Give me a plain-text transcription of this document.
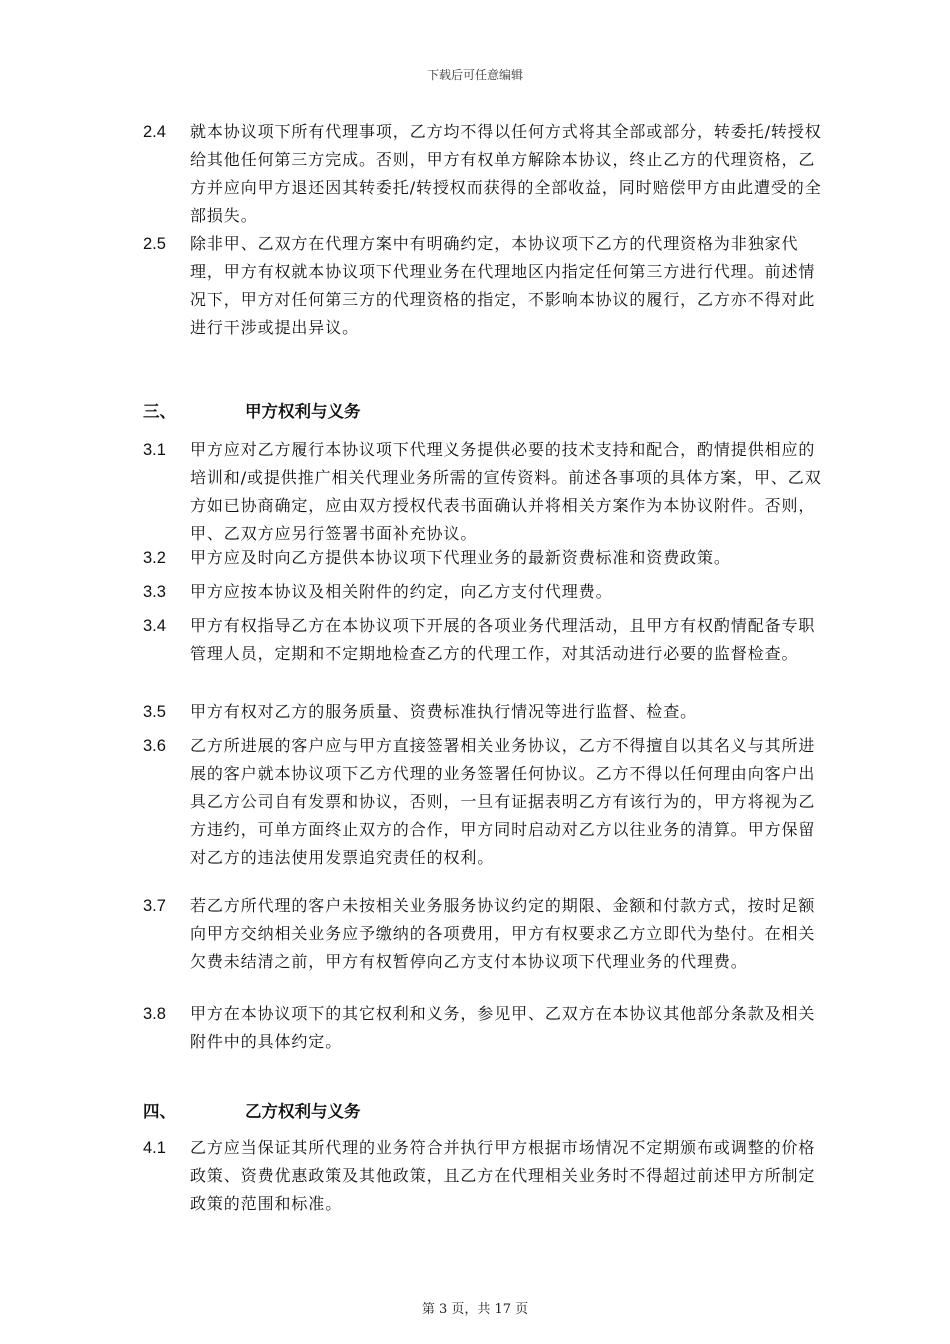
下载后可任意编辑
2.4 就本协议项下所有代理事项，乙方均不得以任何方式将其全部或部分，转委托/转授权给其他任何第三方完成。否则，甲方有权单方解除本协议，终止乙方的代理资格，乙方并应向甲方退还因其转委托/转授权而获得的全部收益，同时赔偿甲方由此遭受的全部损失。
2.5 除非甲、乙双方在代理方案中有明确约定，本协议项下乙方的代理资格为非独家代理，甲方有权就本协议项下代理业务在代理地区内指定任何第三方进行代理。前述情况下，甲方对任何第三方的代理资格的指定，不影响本协议的履行，乙方亦不得对此进行干涉或提出异议。
三、	甲方权利与义务
3.1 甲方应对乙方履行本协议项下代理义务提供必要的技术支持和配合，酌情提供相应的培训和/或提供推广相关代理业务所需的宣传资料。前述各事项的具体方案，甲、乙双方如已协商确定，应由双方授权代表书面确认并将相关方案作为本协议附件。否则，甲、乙双方应另行签署书面补充协议。
3.2 甲方应及时向乙方提供本协议项下代理业务的最新资费标准和资费政策。
3.3 甲方应按本协议及相关附件的约定，向乙方支付代理费。
3.4 甲方有权指导乙方在本协议项下开展的各项业务代理活动，且甲方有权酌情配备专职管理人员，定期和不定期地检查乙方的代理工作，对其活动进行必要的监督检查。
3.5 甲方有权对乙方的服务质量、资费标准执行情况等进行监督、检查。
3.6 乙方所进展的客户应与甲方直接签署相关业务协议，乙方不得擅自以其名义与其所进展的客户就本协议项下乙方代理的业务签署任何协议。乙方不得以任何理由向客户出具乙方公司自有发票和协议，否则，一旦有证据表明乙方有该行为的，甲方将视为乙方违约，可单方面终止双方的合作，甲方同时启动对乙方以往业务的清算。甲方保留对乙方的违法使用发票追究责任的权利。
3.7 若乙方所代理的客户未按相关业务服务协议约定的期限、金额和付款方式，按时足额向甲方交纳相关业务应予缴纳的各项费用，甲方有权要求乙方立即代为垫付。在相关欠费未结清之前，甲方有权暂停向乙方支付本协议项下代理业务的代理费。
3.8 甲方在本协议项下的其它权利和义务，参见甲、乙双方在本协议其他部分条款及相关附件中的具体约定。
四、	乙方权利与义务
4.1 乙方应当保证其所代理的业务符合并执行甲方根据市场情况不定期颁布或调整的价格政策、资费优惠政策及其他政策，且乙方在代理相关业务时不得超过前述甲方所制定政策的范围和标准。
第 3 页，共 17 页
